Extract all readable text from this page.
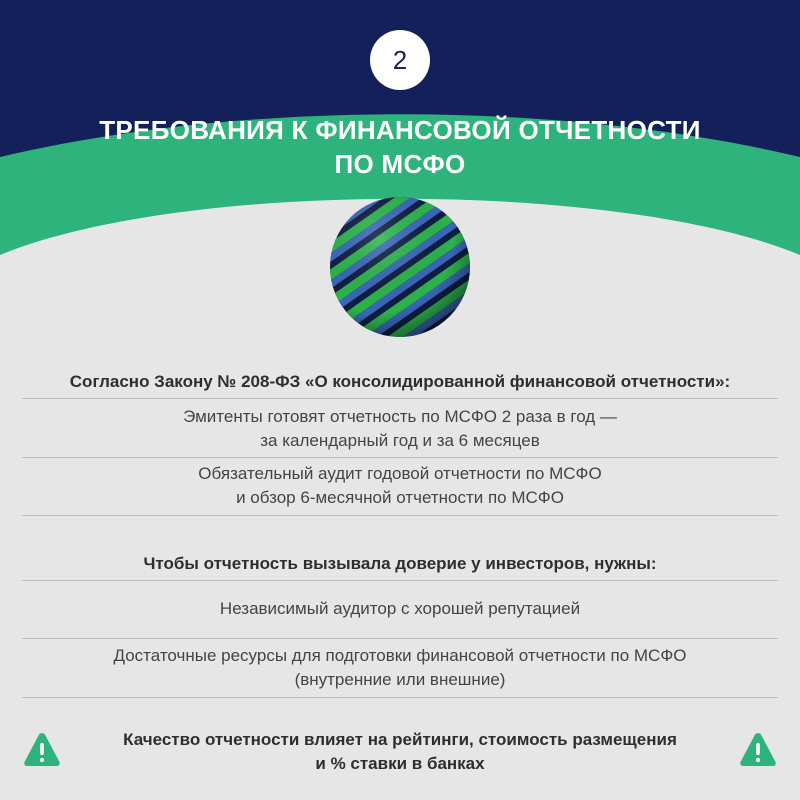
2
ТРЕБОВАНИЯ К ФИНАНСОВОЙ ОТЧЕТНОСТИ
ПО МСФО
Согласно Закону № 208-ФЗ «О консолидированной финансовой отчетности»:
Эмитенты готовят отчетность по МСФО 2 раза в год —
за календарный год и за 6 месяцев
Обязательный аудит годовой отчетности по МСФО
и обзор 6-месячной отчетности по МСФО
Чтобы отчетность вызывала доверие у инвесторов, нужны:
Независимый аудитор с хорошей репутацией
Достаточные ресурсы для подготовки финансовой отчетности по МСФО
(внутренние или внешние)
Качество отчетности влияет на рейтинги, стоимость размещения
и % ставки в банках
